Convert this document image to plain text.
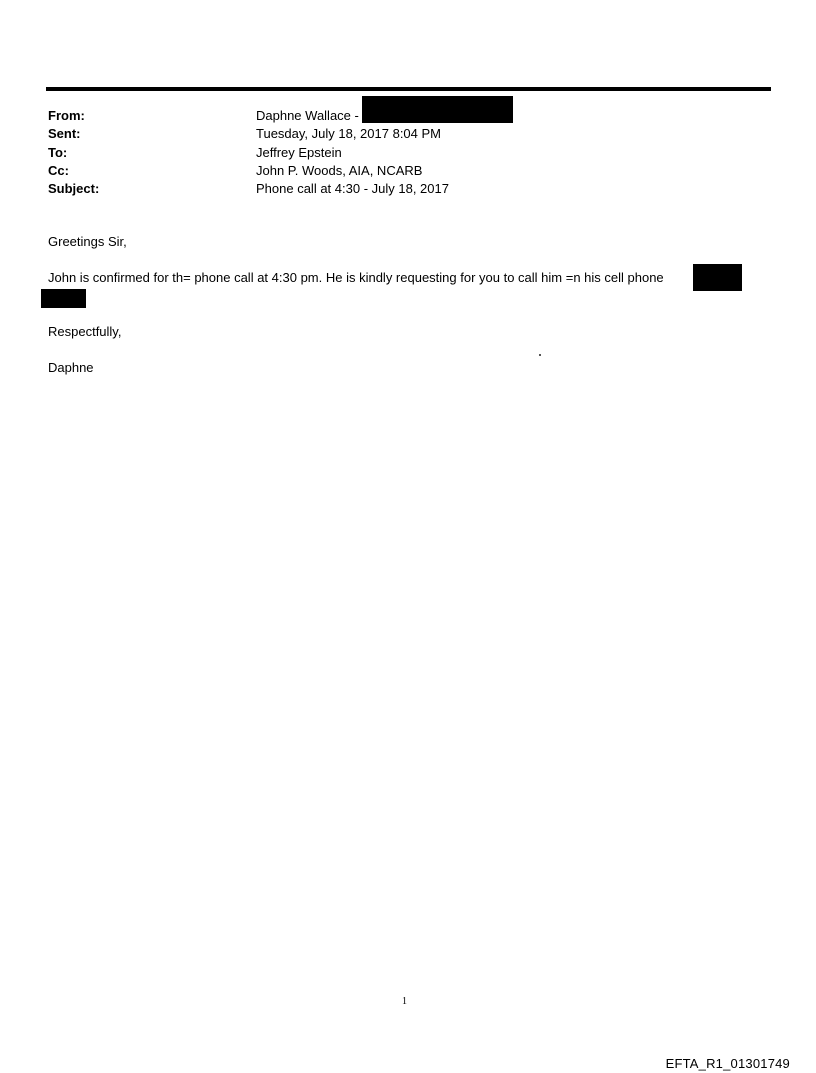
From:	Daphne Wallace -
Sent:	Tuesday, July 18, 2017 8:04 PM
To:	Jeffrey Epstein
Cc:	John P. Woods, AIA, NCARB
Subject:	Phone call at 4:30 - July 18, 2017
Greetings Sir,
John is confirmed for th= phone call at 4:30 pm. He is kindly requesting for you to call him =n his cell phone
Respectfully,
Daphne
1
EFTA_R1_01301749
